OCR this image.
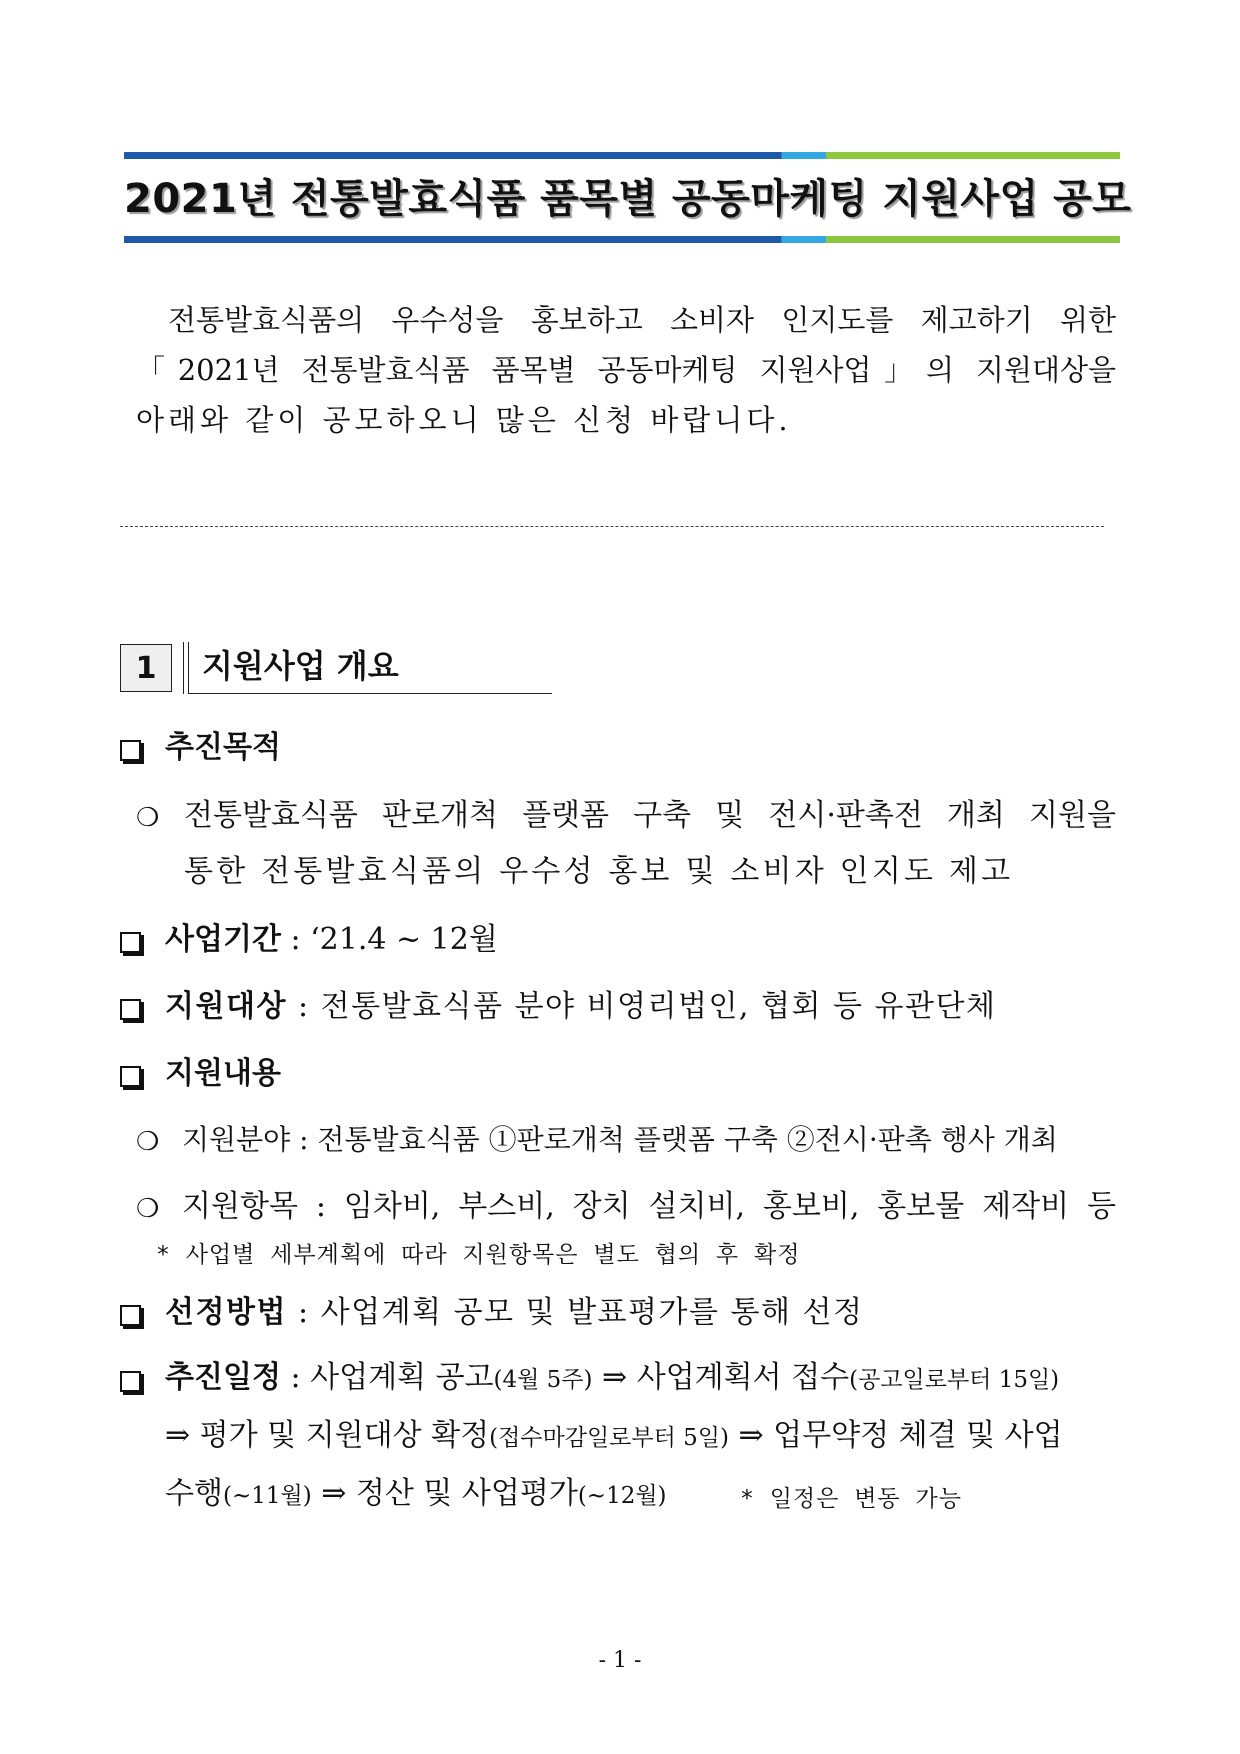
2021년 전통발효식품 품목별 공동마케팅 지원사업 공모
전통발효식품의 우수성을 홍보하고 소비자 인지도를 제고하기 위한
「2021년 전통발효식품 품목별 공동마케팅 지원사업」의 지원대상을
아래와 같이 공모하오니 많은 신청 바랍니다.
1	지원사업 개요
추진목적
❍ 전통발효식품 판로개척 플랫폼 구축 및 전시·판촉전 개최 지원을
통한 전통발효식품의 우수성 홍보 및 소비자 인지도 제고
사업기간 : ‘21.4 ~ 12월
지원대상 : 전통발효식품 분야 비영리법인, 협회 등 유관단체
지원내용
❍ 지원분야 : 전통발효식품 ①판로개척 플랫폼 구축 ②전시·판촉 행사 개최
❍ 지원항목 : 임차비, 부스비, 장치 설치비, 홍보비, 홍보물 제작비 등
* 사업별 세부계획에 따라 지원항목은 별도 협의 후 확정
선정방법 : 사업계획 공모 및 발표평가를 통해 선정
추진일정 : 사업계획 공고(4월 5주) ⇒ 사업계획서 접수(공고일로부터 15일)
⇒ 평가 및 지원대상 확정(접수마감일로부터 5일) ⇒ 업무약정 체결 및 사업
수행(~11월) ⇒ 정산 및 사업평가(~12월)	* 일정은 변동 가능
- 1 -
